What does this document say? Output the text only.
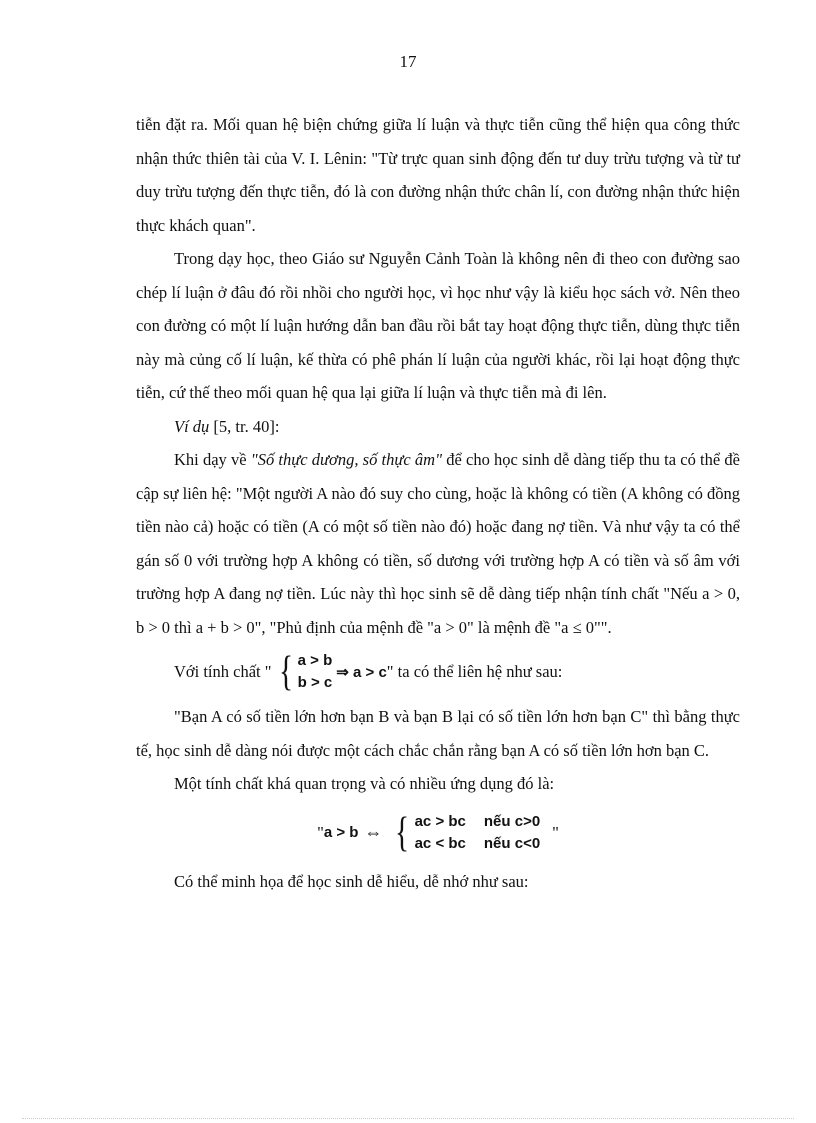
17

tiễn đặt ra. Mối quan hệ biện chứng giữa lí luận và thực tiễn cũng thể hiện qua công thức nhận thức thiên tài của V. I. Lênin: "Từ trực quan sinh động đến tư duy trừu tượng và từ tư duy trừu tượng đến thực tiễn, đó là con đường nhận thức chân lí, con đường nhận thức hiện thực khách quan".

Trong dạy học, theo Giáo sư Nguyễn Cảnh Toàn là không nên đi theo con đường sao chép lí luận ở đâu đó rồi nhồi cho người học, vì học như vậy là kiểu học sách vở. Nên theo con đường có một lí luận hướng dẫn ban đầu rồi bắt tay hoạt động thực tiễn, dùng thực tiễn này mà củng cố lí luận, kế thừa có phê phán lí luận của người khác, rồi lại hoạt động thực tiễn, cứ thế theo mối quan hệ qua lại giữa lí luận và thực tiễn mà đi lên.

Ví dụ [5, tr. 40]:

Khi dạy về "Số thực dương, số thực âm" để cho học sinh dễ dàng tiếp thu ta có thể đề cập sự liên hệ: "Một người A nào đó suy cho cùng, hoặc là không có tiền (A không có đồng tiền nào cả) hoặc có tiền (A có một số tiền nào đó) hoặc đang nợ tiền. Và như vậy ta có thể gán số 0 với trường hợp A không có tiền, số dương với trường hợp A có tiền và số âm với trường hợp A đang nợ tiền. Lúc này thì học sinh sẽ dễ dàng tiếp nhận tính chất "Nếu a > 0, b > 0 thì a + b > 0", "Phủ định của mệnh đề "a > 0" là mệnh đề "a ≤ 0"".

Với tính chất " { a > b
b > c
⇒ a > c " ta có thể liên hệ như sau:

"Bạn A có số tiền lớn hơn bạn B và bạn B lại có số tiền lớn hơn bạn C" thì bằng thực tế, học sinh dễ dàng nói được một cách chắc chắn rằng bạn A có số tiền lớn hơn bạn C.

Một tính chất khá quan trọng và có nhiều ứng dụng đó là:

" a > b ⇔ { ac > bc nếu c>0
ac < bc nếu c<0
"

Có thể minh họa để học sinh dễ hiểu, dễ nhớ như sau:
